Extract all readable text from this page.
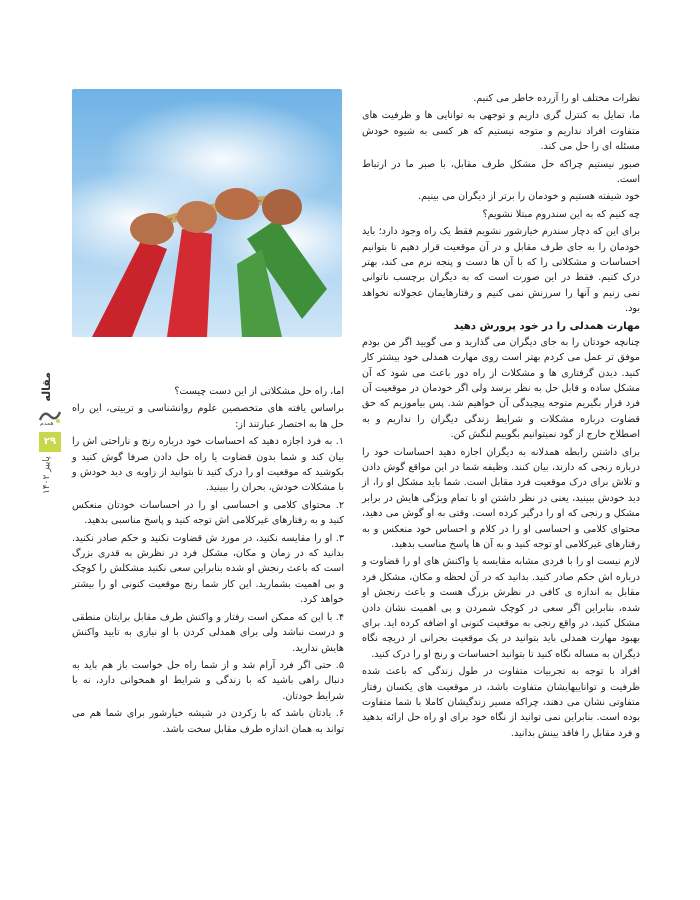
مقاله
همدم
۲۹
پاییز ۱۴۰۲

نظرات مختلف او را آزرده خاطر می کنیم.

ما، تمایل به کنترل گری داریم و توجهی به توانایی ها و ظرفیت های متفاوت افراد نداریم و متوجه نیستیم که هر کسی به شیوه خودش مسئله ای را حل می کند.

صبور نیستیم چراکه حل مشکل طرف مقابل، با صبر ما در ارتباط است.

خود شیفته هستیم و خودمان را برتر از دیگران می بینیم.

چه کنیم که به این سندروم مبتلا نشویم؟

برای این که دچار سندرم خیارشور نشویم فقط یک راه وجود دارد؛ باید خودمان را به جای طرف مقابل و در آن موقعیت قرار دهیم تا بتوانیم احساسات و مشکلاتی را که با آن ها دست و پنجه نرم می کند، بهتر درک کنیم. فقط در این صورت است که به دیگران برچسب ناتوانی نمی زنیم و آنها را سرزنش نمی کنیم و رفتارهایمان عجولانه نخواهد بود.

مهارت همدلی را در خود پرورش دهید

چنانچه خودتان را به جای دیگران می گذارید و می گویید اگر من بودم موفق تر عمل می کردم بهتر است روی مهارت همدلی خود بیشتر کار کنید. دیدن گرفتاری ها و مشکلات از راه دور باعث می شود که آن مشکل ساده و قابل حل به نظر برسد ولی اگر خودمان در موقعیت آن فرد قرار بگیریم متوجه پیچیدگی آن خواهیم شد. پس بیاموزیم که حق قضاوت درباره مشکلات و شرایط زندگی دیگران را نداریم و به اصطلاح خارج از گود نمیتوانیم بگوییم لنگش کن.

برای داشتن رابطه همدلانه به دیگران اجازه دهید احساسات خود را درباره رنجی که دارند، بیان کنند. وظیفه شما در این مواقع گوش دادن و تلاش برای درک موقعیت فرد مقابل است. شما باید مشکل او را، از دید خودش ببینید، یعنی در نظر داشتن او با تمام ویژگی هایش در برابر مشکل و رنجی که او را درگیر کرده است. وقتی به او گوش می دهید، محتوای کلامی و احساسی او را در کلام و احساس خود منعکس و به رفتارهای غیرکلامی او توجه کنید و به آن ها پاسخ مناسب بدهید.

لازم نیست او را با فردی مشابه مقایسه یا واکنش های او را قضاوت و درباره اش حکم صادر کنید. بدانید که در آن لحظه و مکان، مشکل فرد مقابل به اندازه ی کافی در نظرش بزرگ هست و باعث رنجش او شده، بنابراین اگر سعی در کوچک شمردن و بی اهمیت نشان دادن مشکل کنید، در واقع رنجی به موقعیت کنونی او اضافه کرده اید. برای بهبود مهارت همدلی باید بتوانید در یک موقعیت بحرانی از دریچه نگاه دیگران به مساله نگاه کنید تا بتوانید احساسات و رنج او را درک کنید.

افراد با توجه به تجربیات متفاوت در طول زندگی که باعث شده ظرفیت و تواناییهایشان متفاوت باشد، در موقعیت های یکسان رفتار متفاوتی نشان می دهند، چراکه مسیر زندگیشان کاملا با شما متفاوت بوده است. بنابراین نمی توانید از نگاه خود برای او راه حل ارائه بدهید و فرد مقابل را فاقد بینش بدانید.

اما، راه حل مشکلاتی از این دست چیست؟

براساس یافته های متخصصین علوم روانشناسی و تربیتی، این راه حل ها به اختصار عبارتند از:

۱. به فرد اجازه دهید که احساسات خود درباره رنج و ناراحتی اش را بیان کند و شما بدون قضاوت یا راه حل دادن صرفا گوش کنید و بکوشید که موقعیت او را درک کنید تا بتوانید از زاویه ی دید خودش و با مشکلات خودش، بحران را ببینید.

۲. محتوای کلامی و احساسی او را در احساسات خودتان منعکس کنید و به رفتارهای غیرکلامی اش توجه کنید و پاسخ مناسبی بدهید.

۳. او را مقایسه نکنید، در مورد ش قضاوت نکنید و حکم صادر نکنید. بدانید که در زمان و مکان، مشکل فرد در نظرش به قدری بزرگ است که باعث رنجش او شده بنابراین سعی نکنید مشکلش را کوچک و بی اهمیت بشمارید. این کار شما رنج موقعیت کنونی او را بیشتر خواهد کرد.

۴. با این که ممکن است رفتار و واکنش طرف مقابل برایتان منطقی و درست نباشد ولی برای همدلی کردن با او نیازی به تایید واکنش هایش ندارید.

۵. حتی اگر فرد آرام شد و از شما راه حل خواست باز هم باید به دنبال راهی باشید که با زندگی و شرایط او همخوانی دارد، نه با شرایط خودتان.

۶. یادتان باشد که با زکردن در شیشه خیارشور برای شما هم می تواند به همان اندازه طرف مقابل سخت باشد.
